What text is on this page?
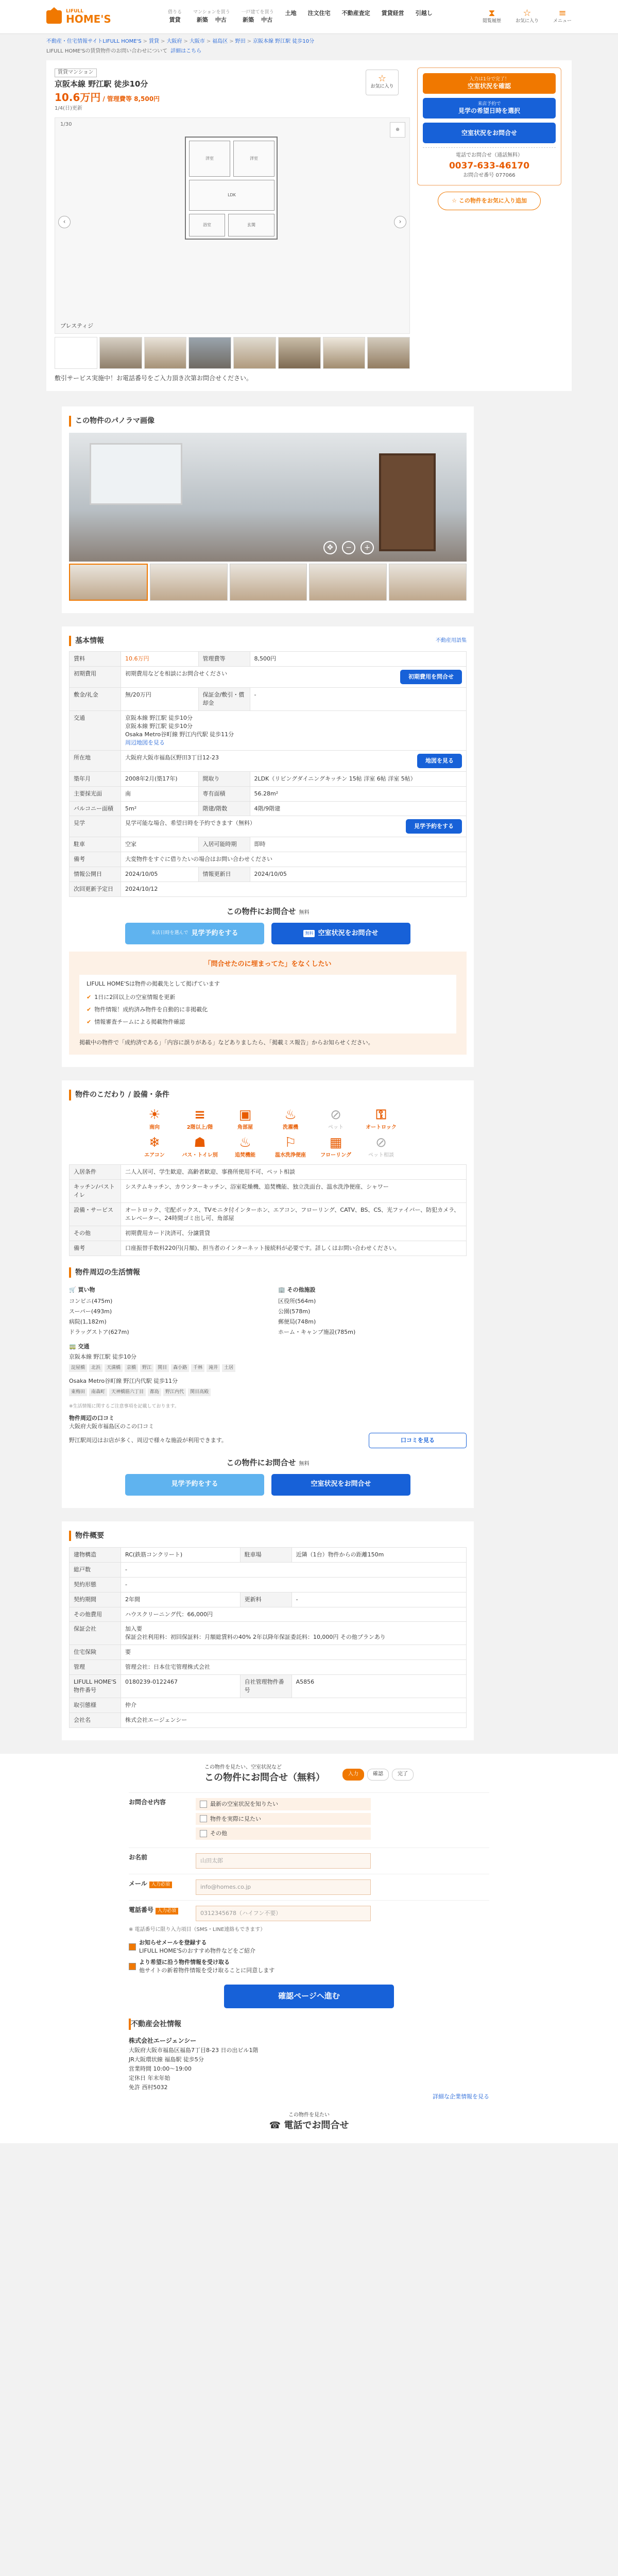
LIFULL
HOME'S
借りる
賃貸
マンションを買う
新築 中古
一戸建てを買う
新築 中古
土地 注文住宅 不動産査定 賃貸経営 引越し	⧗
閲覧履歴
☆
お気に入り
≡
メニュー
不動産・住宅情報サイトLIFULL HOME'S > 賃貸 > 大阪府 > 大阪市 > 福島区 > 野田 > 京阪本線 野江駅 徒歩10分
LIFULL HOME'Sの賃貸物件のお問い合わせについて 詳細はこちら
賃貸マンション
京阪本線 野江駅 徒歩10分
10.6万円 / 管理費等 8,500円
1/4(日)更新
☆
お気に入り
1/30
⊕
‹	›
洋室	洋室
LDK
浴室	玄関
プレスティジ
敷引サービス実施中！お電話番号をご入力頂き次第お問合せください。
入力は1分で完了！
空室状況を確認
来店予約で
見学の希望日時を選択
空室状況をお問合せ
電話でお問合せ（通話無料）
0037-633-46170
お問合せ番号 077066
☆ この物件をお気に入り追加
この物件のパノラマ画像
✥	−	+
基本情報	不動産用語集
賃料	10.6万円	管理費等	8,500円
初期費用	初期費用を問合せ
初期費用などを相談にお問合せください		
敷金/礼金	無/20万円	保証金/敷引・償却金	-
交通	京阪本線 野江駅 徒歩10分
京阪本線 野江駅 徒歩10分
Osaka Metro谷町線 野江内代駅 徒歩11分
周辺地図を見る		
所在地	地図を見る
大阪府大阪市福島区野田3丁目12-23		
築年月	2008年2月(築17年)	間取り	2LDK（リビングダイニングキッチン 15帖 洋室 6帖 洋室 5帖）
主要採光面	南	専有面積	56.28m²
バルコニー面積	5m²	階建/階数	4階/9階建
見学	見学予約をする
見学可能な場合、希望日時を予約できます（無料）		
駐車	空家	入居可能時期	即時
備考	大変物件をすぐに借りたいの場合はお問い合わせください		
情報公開日	2024/10/05	情報更新日	2024/10/05
次回更新予定日	2024/10/12		
この物件にお問合せ 無料
来店日時を選んで 見学予約をする	無料 空室状況をお問合せ
「問合せたのに埋まってた」をなくしたい
LIFULL HOME'Sは物件の掲載先として掲げています
✔ 1日に2回以上の空室情報を更新
✔ 物件情報！成約済み物件を自動的に非掲載化
✔ 情報審査チームによる掲載物件確認
掲載中の物件で「成約済である」「内容に誤りがある」などありましたら、「掲載ミス報告」からお知らせください。
物件のこだわり / 設備・条件
☀
南向
≡
2階以上/階
▣
角部屋
♨
洗濯機
⊘
ペット
⚿
オートロック
❄
エアコン
☗
バス・トイレ別
♨
追焚機能
⚐
温水洗浄便座
▦
フローリング
⊘
ペット相談
入居条件	二人入居可、学生歓迎、高齢者歓迎、事務所使用不可、ペット相談
キッチン/バストイレ	システムキッチン、カウンターキッチン、浴室乾燥機、追焚機能、独立洗面台、温水洗浄便座、シャワー
設備・サービス	オートロック、宅配ボックス、TVモニタ付インターホン、エアコン、フローリング、CATV、BS、CS、光ファイバー、防犯カメラ、エレベーター、24時間ゴミ出し可、角部屋
その他	初期費用カード決済可、分譲賃貸
備考	口座振替手数料220円(月額)、担当者のインターネット接続料が必要です。詳しくはお問い合わせください。
物件周辺の生活情報
🛒 買い物
コンビニ(475m)
スーパー(493m)
病院(1,182m)
ドラッグストア(627m)
🏢 その他施設
区役所(564m)
公園(578m)
郵便局(748m)
ホーム・キャンプ施設(785m)
🚃 交通
京阪本線 野江駅 徒歩10分
淀屋橋	北浜	天満橋	京橋	野江	関目	森小路	千林	滝井	土居
Osaka Metro谷町線 野江内代駅 徒歩11分
東梅田	南森町	天神橋筋六丁目	都島	野江内代	関目高殿
※生活情報に関するご注意事項を記載しております。
物件周辺の口コミ
大阪府大阪市福島区のこの口コミ
野江駅周辺はお店が多く、周辺で様々な施設が利用できます。	口コミを見る
この物件にお問合せ 無料
見学予約をする	空室状況をお問合せ
物件概要
建物構造	RC(鉄筋コンクリート)	駐車場	近隣（1台）物件からの距離150m
総戸数	-		
契約形態	-		
契約期間	2年間	更新料	-
その他費用	ハウスクリーニング代：66,000円		
保証会社	加入要
保証会社利用料：初回保証料：月額総賃料の40% 2年以降年保証委託料：10,000円 その他プランあり		
住宅保険	要		
管理	管理会社：日本住宅管理株式会社		
LIFULL HOME'S物件番号	0180239-0122467	自社管理物件番号	A5856
取引態様	仲介		
会社名	株式会社エージェンシー		
この物件を見たい、空室状況など
この物件にお問合せ（無料）	入力	確認	完了
お問合せ内容	最新の空室状況を知りたい
物件を実際に見たい
その他
お名前	山田太郎
メール 入力必須	info@homes.co.jp
電話番号 入力必須	0312345678（ハイフン不要）
※ 電話番号に限り入力項目（SMS・LINE連絡もできます）
お知らせメールを登録する
LIFULL HOME'Sのおすすめ物件などをご紹介
より希望に沿う物件情報を受け取る
他サイトの新着物件情報を受け取ることに同意します
確認ページへ進む
不動産会社情報
株式会社エージェンシー
大阪府大阪市福島区福島7丁目8-23 日の出ビル1階
JR大阪環状線 福島駅 徒歩5分
営業時間 10:00～19:00
定休日 年末年始
免許 西村5032
詳細な企業情報を見る
この物件を見たい
☎ 電話でお問合せ
